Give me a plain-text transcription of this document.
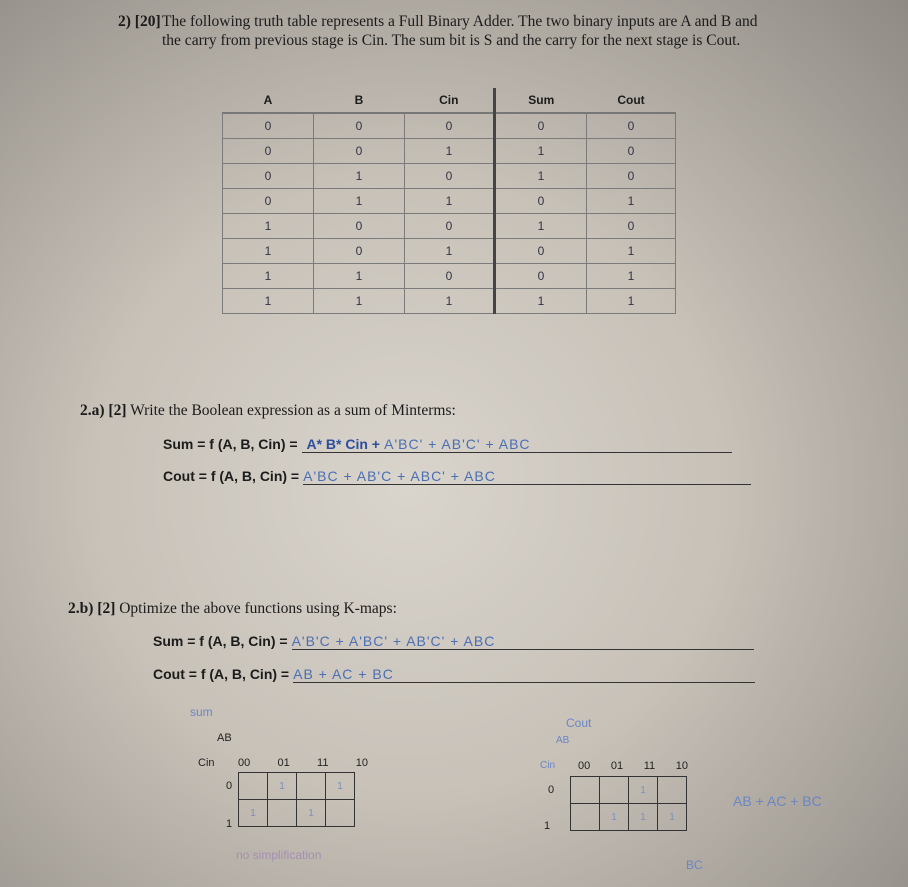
2) [20]The following truth table represents a Full Binary Adder. The two binary inputs are A and B and
the carry from previous stage is Cin. The sum bit is S and the carry for the next stage is Cout.
A	B	Cin	Sum	Cout
0	0	0	0	0
0	0	1	1	0
0	1	0	1	0
0	1	1	0	1
1	0	0	1	0
1	0	1	0	1
1	1	0	0	1
1	1	1	1	1
2.a) [2] Write the Boolean expression as a sum of Minterms:
Sum = f (A, B, Cin) = A* B* Cin + A'BC' + AB'C' + ABC
Cout = f (A, B, Cin) = A'BC + AB'C + ABC' + ABC
2.b) [2] Optimize the above functions using K-maps:
Sum = f (A, B, Cin) = A'B'C + A'BC' + AB'C' + ABC
Cout = f (A, B, Cin) = AB + AC + BC
sum
AB
Cin 00 01 11 10
0
1
	1		1
1		1	
no simplification
Cout
AB
Cin 00 01 11 10
0
1
		1	
	1	1	1
AB + AC + BC
BC
